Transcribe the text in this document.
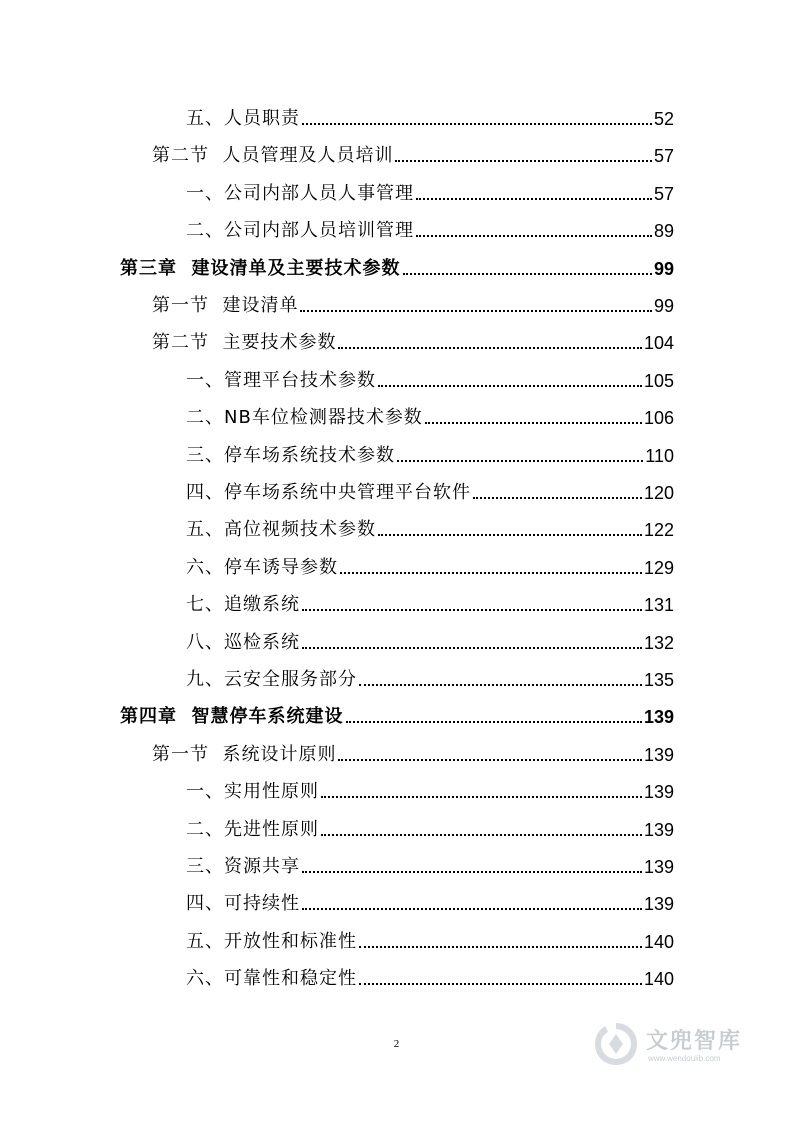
五、人员职责	52
第二节  人员管理及人员培训	57
一、公司内部人员人事管理	57
二、公司内部人员培训管理	89
第三章  建设清单及主要技术参数	99
第一节  建设清单	99
第二节  主要技术参数	104
一、管理平台技术参数	105
二、NB车位检测器技术参数	106
三、停车场系统技术参数	110
四、停车场系统中央管理平台软件	120
五、高位视频技术参数	122
六、停车诱导参数	129
七、追缴系统	131
八、巡检系统	132
九、云安全服务部分	135
第四章  智慧停车系统建设	139
第一节  系统设计原则	139
一、实用性原则	139
二、先进性原则	139
三、资源共享	139
四、可持续性	139
五、开放性和标准性	140
六、可靠性和稳定性	140
2	文兜智库
www.wendoulib.com
